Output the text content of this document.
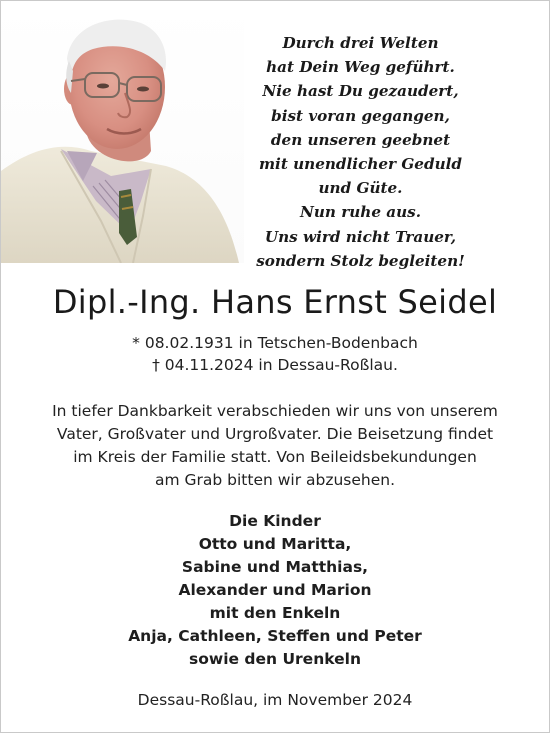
Durch drei Welten
hat Dein Weg geführt.
Nie hast Du gezaudert,
bist voran gegangen,
den unseren geebnet
mit unendlicher Geduld
und Güte.
Nun ruhe aus.
Uns wird nicht Trauer,
sondern Stolz begleiten!
Dipl.-Ing. Hans Ernst Seidel
* 08.02.1931 in Tetschen-Bodenbach
† 04.11.2024 in Dessau-Roßlau.
In tiefer Dankbarkeit verabschieden wir uns von unserem
Vater, Großvater und Urgroßvater. Die Beisetzung findet
im Kreis der Familie statt. Von Beileidsbekundungen
am Grab bitten wir abzusehen.
Die Kinder
Otto und Maritta,
Sabine und Matthias,
Alexander und Marion
mit den Enkeln
Anja, Cathleen, Steffen und Peter
sowie den Urenkeln
Dessau-Roßlau, im November 2024
